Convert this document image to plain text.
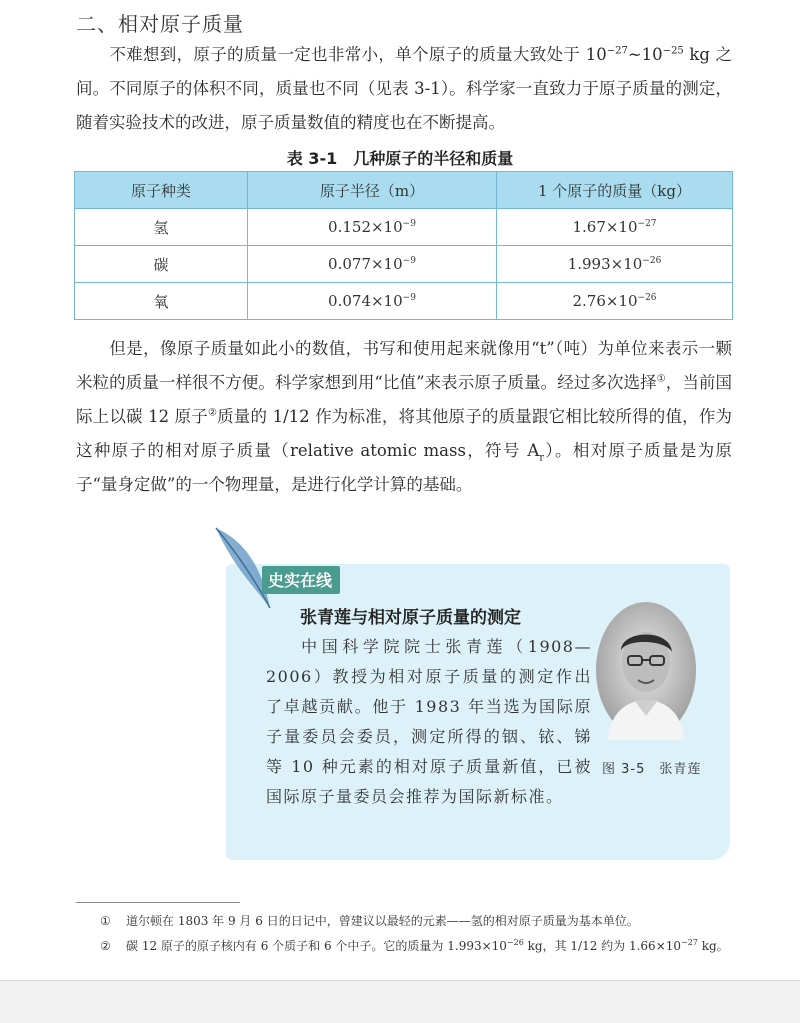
二、相对原子质量
不难想到，原子的质量一定也非常小，单个原子的质量大致处于 $10^{-27}\sim 10^{-25}$ kg 之间。不同原子的体积不同，质量也不同（见表 3-1）。科学家一直致力于原子质量的测定，随着实验技术的改进，原子质量数值的精度也在不断提高。
表 3-1　几种原子的半径和质量
原子种类	原子半径（m）	1 个原子的质量（kg）
氢	$0.152\times 10^{-9}$	$1.67\times 10^{-27}$
碳	$0.077\times 10^{-9}$	$1.993\times 10^{-26}$
氧	$0.074\times 10^{-9}$	$2.76\times 10^{-26}$
但是，像原子质量如此小的数值，书写和使用起来就像用“t”（吨）为单位来表示一颗米粒的质量一样很不方便。科学家想到用“比值”来表示原子质量。经过多次选择①，当前国际上以碳 12 原子②质量的 1/12 作为标准，将其他原子的质量跟它相比较所得的值，作为这种原子的相对原子质量（relative atomic mass，符号 $A_r$）。相对原子质量是为原子“量身定做”的一个物理量，是进行化学计算的基础。
史实在线
张青莲与相对原子质量的测定
中国科学院院士张青莲（1908—2006）教授为相对原子质量的测定作出了卓越贡献。他于 1983 年当选为国际原子量委员会委员，测定所得的铟、铱、锑等 10 种元素的相对原子质量新值，已被国际原子量委员会推荐为国际新标准。
图 3-5　张青莲
① 道尔顿在 1803 年 9 月 6 日的日记中，曾建议以最轻的元素——氢的相对原子质量为基本单位。
② 碳 12 原子的原子核内有 6 个质子和 6 个中子。它的质量为 $1.993\times 10^{-26}$ kg，其 1/12 约为 $1.66\times 10^{-27}$ kg。
